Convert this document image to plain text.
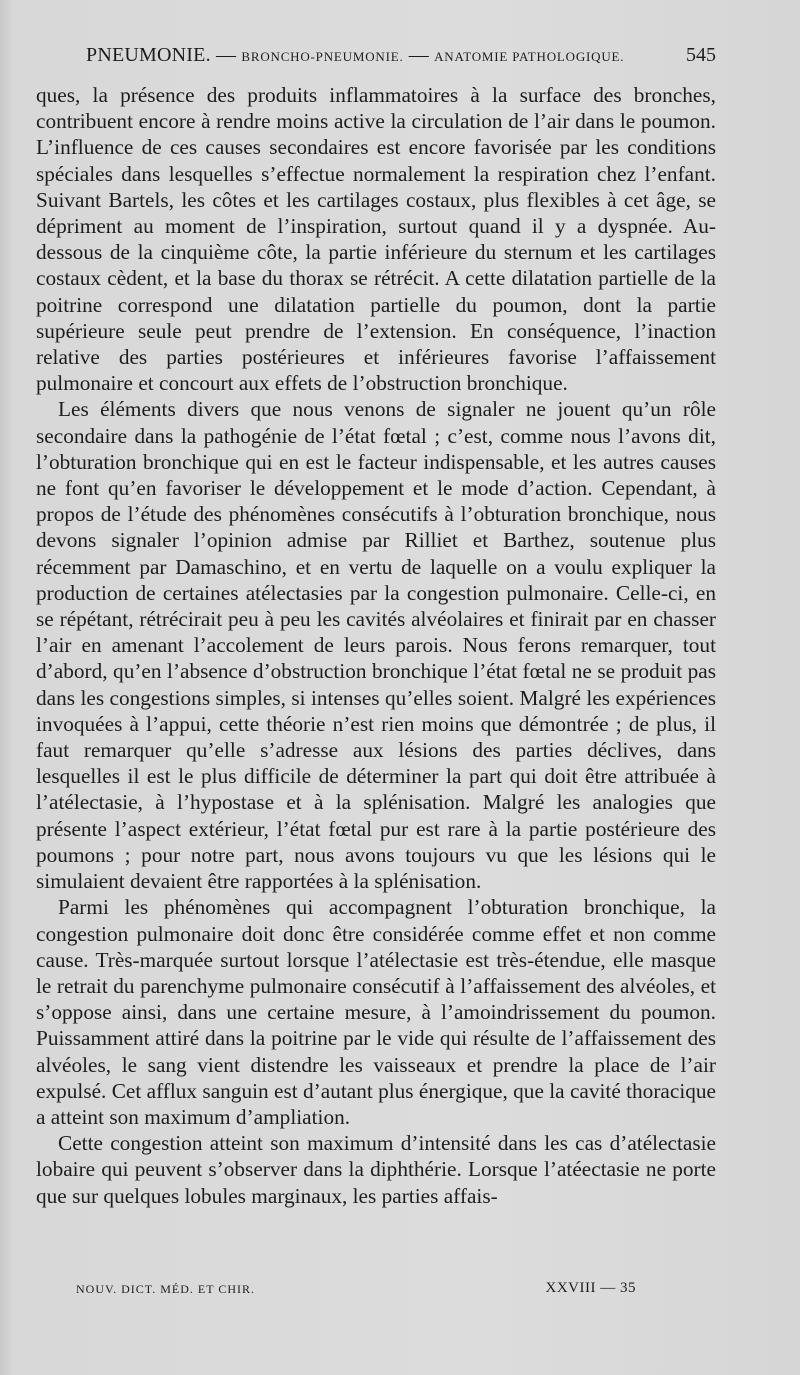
PNEUMONIE. — BRONCHO-PNEUMONIE. — ANATOMIE PATHOLOGIQUE.	545

ques, la présence des produits inflammatoires à la surface des bronches, contribuent encore à rendre moins active la circulation de l’air dans le poumon. L’influence de ces causes secondaires est encore favorisée par les conditions spéciales dans lesquelles s’effectue normalement la respiration chez l’enfant. Suivant Bartels, les côtes et les cartilages costaux, plus flexibles à cet âge, se dépriment au moment de l’inspiration, surtout quand il y a dyspnée. Au-dessous de la cinquième côte, la partie inférieure du sternum et les cartilages costaux cèdent, et la base du thorax se rétrécit. A cette dilatation partielle de la poitrine correspond une dilatation partielle du poumon, dont la partie supérieure seule peut prendre de l’extension. En conséquence, l’inaction relative des parties postérieures et inférieures favorise l’affaissement pulmonaire et concourt aux effets de l’obstruction bronchique.

Les éléments divers que nous venons de signaler ne jouent qu’un rôle secondaire dans la pathogénie de l’état fœtal ; c’est, comme nous l’avons dit, l’obturation bronchique qui en est le facteur indispensable, et les autres causes ne font qu’en favoriser le développement et le mode d’action. Cependant, à propos de l’étude des phénomènes consécutifs à l’obturation bronchique, nous devons signaler l’opinion admise par Rilliet et Barthez, soutenue plus récemment par Damaschino, et en vertu de laquelle on a voulu expliquer la production de certaines atélectasies par la congestion pulmonaire. Celle-ci, en se répétant, rétrécirait peu à peu les cavités alvéolaires et finirait par en chasser l’air en amenant l’accolement de leurs parois. Nous ferons remarquer, tout d’abord, qu’en l’absence d’obstruction bronchique l’état fœtal ne se produit pas dans les congestions simples, si intenses qu’elles soient. Malgré les expériences invoquées à l’appui, cette théorie n’est rien moins que démontrée ; de plus, il faut remarquer qu’elle s’adresse aux lésions des parties déclives, dans lesquelles il est le plus difficile de déterminer la part qui doit être attribuée à l’atélectasie, à l’hypostase et à la splénisation. Malgré les analogies que présente l’aspect extérieur, l’état fœtal pur est rare à la partie postérieure des poumons ; pour notre part, nous avons toujours vu que les lésions qui le simulaient devaient être rapportées à la splénisation.

Parmi les phénomènes qui accompagnent l’obturation bronchique, la congestion pulmonaire doit donc être considérée comme effet et non comme cause. Très-marquée surtout lorsque l’atélectasie est très-étendue, elle masque le retrait du parenchyme pulmonaire consécutif à l’affaissement des alvéoles, et s’oppose ainsi, dans une certaine mesure, à l’amoindrissement du poumon. Puissamment attiré dans la poitrine par le vide qui résulte de l’affaissement des alvéoles, le sang vient distendre les vaisseaux et prendre la place de l’air expulsé. Cet afflux sanguin est d’autant plus énergique, que la cavité thoracique a atteint son maximum d’ampliation.

Cette congestion atteint son maximum d’intensité dans les cas d’atélectasie lobaire qui peuvent s’observer dans la diphthérie. Lorsque l’atéectasie ne porte que sur quelques lobules marginaux, les parties affais-

NOUV. DICT. MÉD. ET CHIR.	XXVIII — 35
